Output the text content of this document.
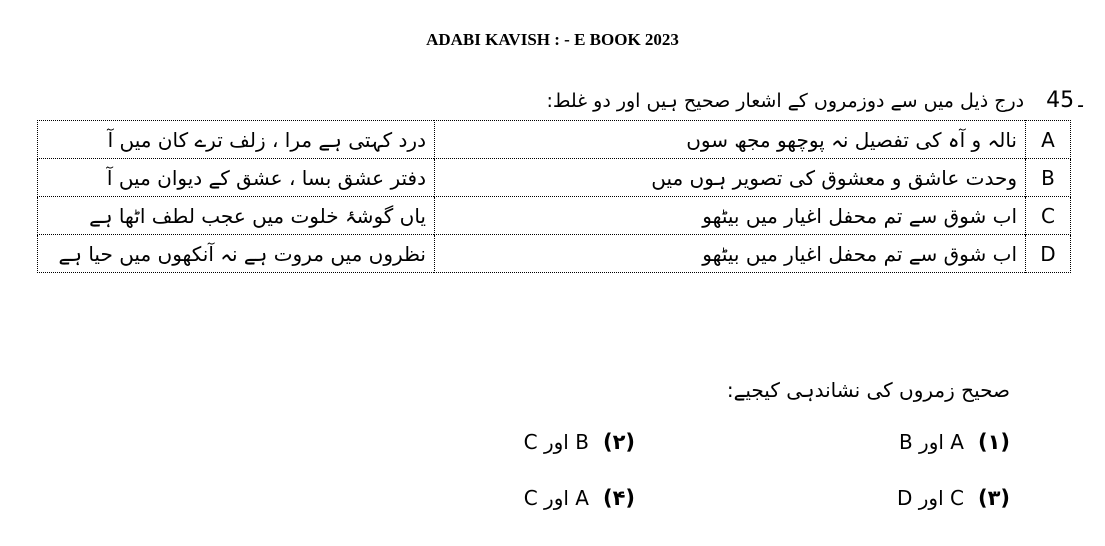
ADABI KAVISH : - E BOOK 2023
45۔
درج ذیل میں سے دوزمروں کے اشعار صحیح ہیں اور دو غلط:
A	نالہ و آہ کی تفصیل نہ پوچھو مجھ سوں	درد کہتی ہے مرا ، زلف ترے کان میں آ
B	وحدت عاشق و معشوق کی تصویر ہوں میں	دفتر عشق بسا ، عشق کے دیوان میں آ
C	اب شوق سے تم محفل اغیار میں بیٹھو	یاں گوشۂ خلوت میں عجب لطف اٹھا ہے
D	اب شوق سے تم محفل اغیار میں بیٹھو	نظروں میں مروت ہے نہ آنکھوں میں حیا ہے
صحیح زمروں کی نشاندہی کیجیے:
(۱)
A اور B
(۲)
B اور C
(۳)
C اور D
(۴)
A اور C
